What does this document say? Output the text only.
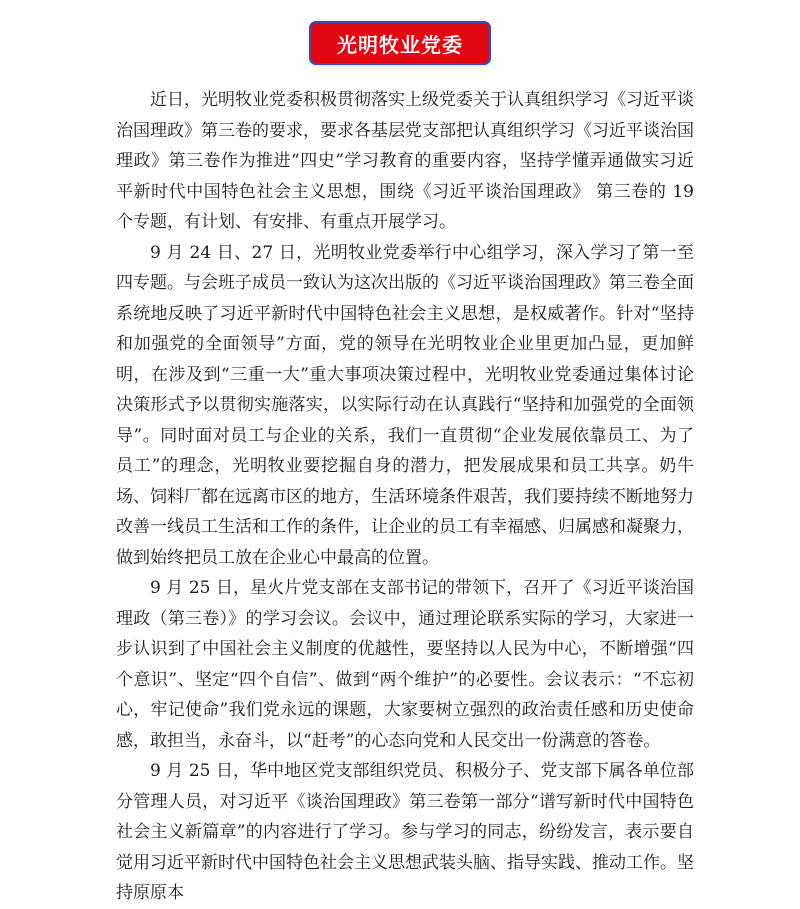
光明牧业党委

近日，光明牧业党委积极贯彻落实上级党委关于认真组织学习《习近平谈治国理政》第三卷的要求，要求各基层党支部把认真组织学习《习近平谈治国理政》第三卷作为推进“四史”学习教育的重要内容，坚持学懂弄通做实习近平新时代中国特色社会主义思想，围绕《习近平谈治国理政》 第三卷的 19 个专题，有计划、有安排、有重点开展学习。

9 月 24 日、27 日，光明牧业党委举行中心组学习，深入学习了第一至四专题。与会班子成员一致认为这次出版的《习近平谈治国理政》第三卷全面系统地反映了习近平新时代中国特色社会主义思想，是权威著作。针对“坚持和加强党的全面领导”方面，党的领导在光明牧业企业里更加凸显，更加鲜明，在涉及到“三重一大”重大事项决策过程中，光明牧业党委通过集体讨论决策形式予以贯彻实施落实，以实际行动在认真践行“坚持和加强党的全面领导”。同时面对员工与企业的关系，我们一直贯彻“企业发展依靠员工、为了员工”的理念，光明牧业要挖掘自身的潜力，把发展成果和员工共享。奶牛场、饲料厂都在远离市区的地方，生活环境条件艰苦，我们要持续不断地努力改善一线员工生活和工作的条件，让企业的员工有幸福感、归属感和凝聚力，做到始终把员工放在企业心中最高的位置。

9 月 25 日，星火片党支部在支部书记的带领下，召开了《习近平谈治国理政（第三卷）》的学习会议。会议中，通过理论联系实际的学习，大家进一步认识到了中国社会主义制度的优越性，要坚持以人民为中心，不断增强“四个意识”、坚定“四个自信”、做到“两个维护”的必要性。会议表示：“不忘初心，牢记使命”我们党永远的课题，大家要树立强烈的政治责任感和历史使命感，敢担当，永奋斗，以“赶考”的心态向党和人民交出一份满意的答卷。

9 月 25 日，华中地区党支部组织党员、积极分子、党支部下属各单位部分管理人员，对习近平《谈治国理政》第三卷第一部分“谱写新时代中国特色社会主义新篇章”的内容进行了学习。参与学习的同志，纷纷发言，表示要自觉用习近平新时代中国特色社会主义思想武装头脑、指导实践、推动工作。坚持原原本
